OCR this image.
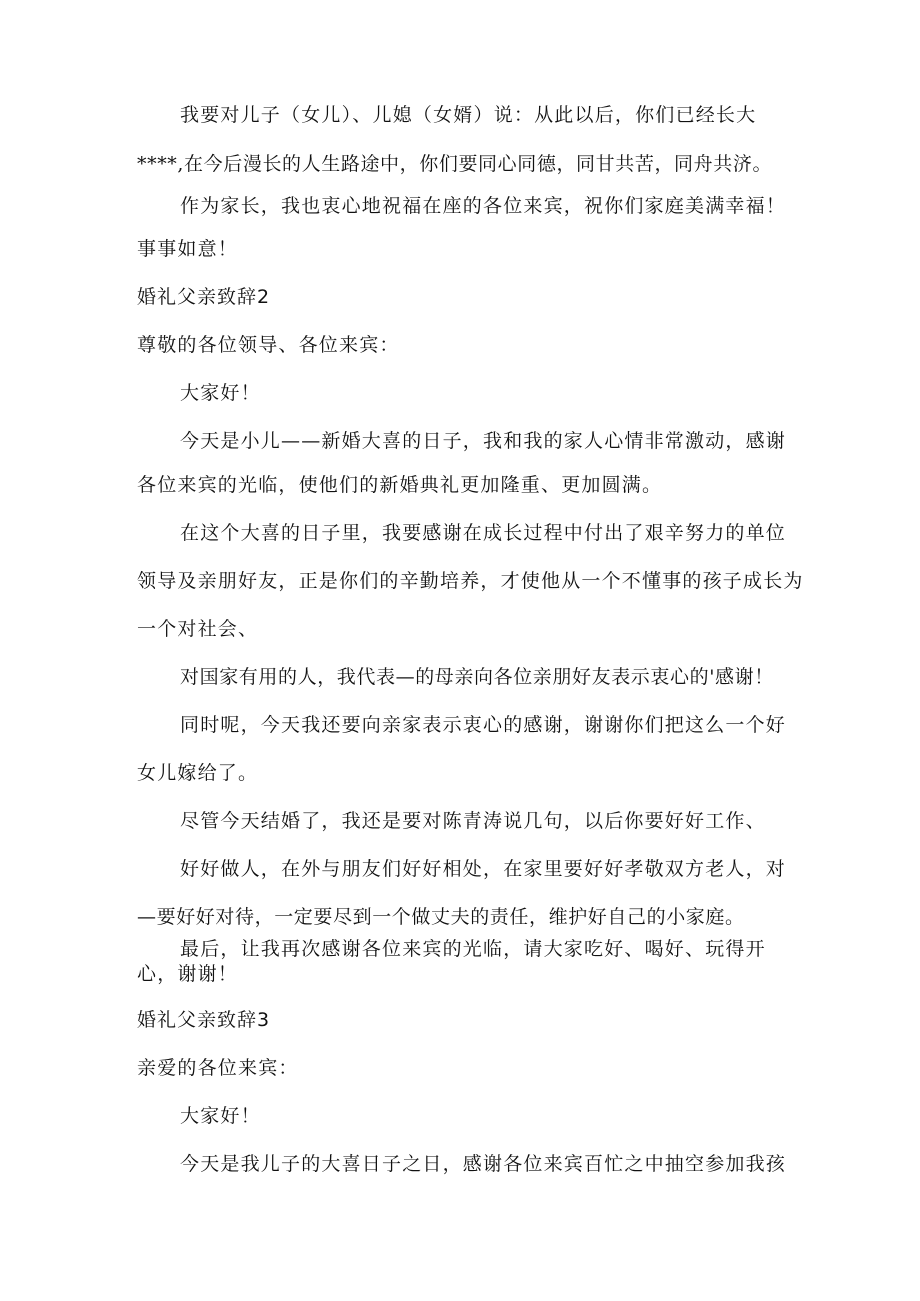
我要对儿子（女儿）、儿媳（女婿）说：从此以后，你们已经长大
****,在今后漫长的人生路途中，你们要同心同德，同甘共苦，同舟共济。
作为家长，我也衷心地祝福在座的各位来宾，祝你们家庭美满幸福！
事事如意！
婚礼父亲致辞2
尊敬的各位领导、各位来宾：
大家好！
今天是小儿——新婚大喜的日子，我和我的家人心情非常激动，感谢
各位来宾的光临，使他们的新婚典礼更加隆重、更加圆满。
在这个大喜的日子里，我要感谢在成长过程中付出了艰辛努力的单位
领导及亲朋好友，正是你们的辛勤培养，才使他从一个不懂事的孩子成长为
一个对社会、
对国家有用的人，我代表—的母亲向各位亲朋好友表示衷心的'感谢！
同时呢，今天我还要向亲家表示衷心的感谢，谢谢你们把这么一个好
女儿嫁给了。
尽管今天结婚了，我还是要对陈青涛说几句，以后你要好好工作、
好好做人，在外与朋友们好好相处，在家里要好好孝敬双方老人，对
—要好好对待，一定要尽到一个做丈夫的责任，维护好自己的小家庭。
最后，让我再次感谢各位来宾的光临，请大家吃好、喝好、玩得开
心，谢谢！
婚礼父亲致辞3
亲爱的各位来宾：
大家好！
今天是我儿子的大喜日子之日，感谢各位来宾百忙之中抽空参加我孩
